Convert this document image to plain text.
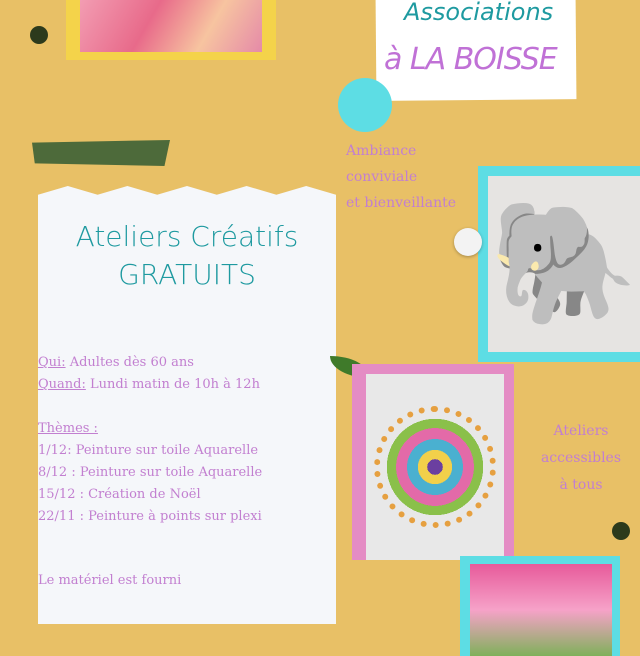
Associations
à LA BOISSE
Ambiance
conviviale
et bienveillante 🐘
Ateliers Créatifs
GRATUITS
Qui: Adultes dès 60 ans
Quand: Lundi matin de 10h à 12h
Thèmes :
1/12: Peinture sur toile Aquarelle
8/12 : Peinture sur toile Aquarelle
15/12 : Création de Noël
22/11 : Peinture à points sur plexi
Le matériel est fourni
Ateliers
accessibles
à tous
